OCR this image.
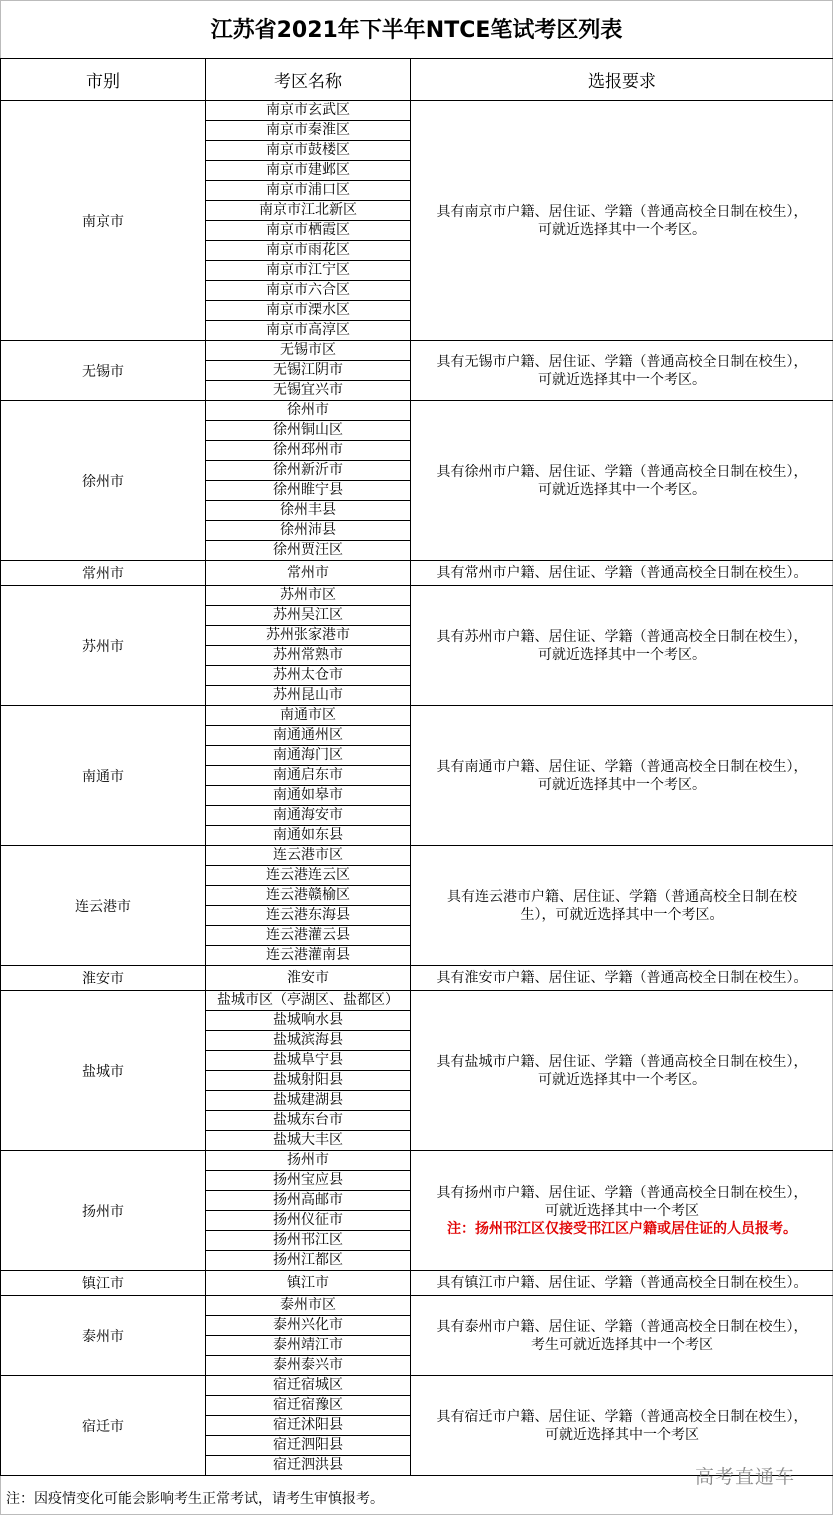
江苏省2021年下半年NTCE笔试考区列表
市别	考区名称	选报要求
南京市	南京市玄武区	具有南京市户籍、居住证、学籍（普通高校全日制在校生），
可就近选择其中一个考区。

	南京市秦淮区	
	南京市鼓楼区	
	南京市建邺区	
	南京市浦口区	
	南京市江北新区	
	南京市栖霞区	
	南京市雨花区	
	南京市江宁区	
	南京市六合区	
	南京市溧水区	
	南京市高淳区	
无锡市	无锡市区	具有无锡市户籍、居住证、学籍（普通高校全日制在校生），
可就近选择其中一个考区。

	无锡江阴市	
	无锡宜兴市	
徐州市	徐州市	具有徐州市户籍、居住证、学籍（普通高校全日制在校生），
可就近选择其中一个考区。

	徐州铜山区	
	徐州邳州市	
	徐州新沂市	
	徐州睢宁县	
	徐州丰县	
	徐州沛县	
	徐州贾汪区	
常州市	常州市	具有常州市户籍、居住证、学籍（普通高校全日制在校生）。

苏州市	苏州市区	具有苏州市户籍、居住证、学籍（普通高校全日制在校生），
可就近选择其中一个考区。

	苏州吴江区	
	苏州张家港市	
	苏州常熟市	
	苏州太仓市	
	苏州昆山市	
南通市	南通市区	具有南通市户籍、居住证、学籍（普通高校全日制在校生），
可就近选择其中一个考区。

	南通通州区	
	南通海门区	
	南通启东市	
	南通如皋市	
	南通海安市	
	南通如东县	
连云港市	连云港市区	具有连云港市户籍、居住证、学籍（普通高校全日制在校
生），可就近选择其中一个考区。

	连云港连云区	
	连云港赣榆区	
	连云港东海县	
	连云港灌云县	
	连云港灌南县	
淮安市	淮安市	具有淮安市户籍、居住证、学籍（普通高校全日制在校生）。

盐城市	盐城市区（亭湖区、盐都区）	具有盐城市户籍、居住证、学籍（普通高校全日制在校生），
可就近选择其中一个考区。

	盐城响水县	
	盐城滨海县	
	盐城阜宁县	
	盐城射阳县	
	盐城建湖县	
	盐城东台市	
	盐城大丰区	
扬州市	扬州市	具有扬州市户籍、居住证、学籍（普通高校全日制在校生），
可就近选择其中一个考区
注：扬州邗江区仅接受邗江区户籍或居住证的人员报考。

	扬州宝应县	
	扬州高邮市	
	扬州仪征市	
	扬州邗江区	
	扬州江都区	
镇江市	镇江市	具有镇江市户籍、居住证、学籍（普通高校全日制在校生）。

泰州市	泰州市区	具有泰州市户籍、居住证、学籍（普通高校全日制在校生），
考生可就近选择其中一个考区

	泰州兴化市	
	泰州靖江市	
	泰州泰兴市	
宿迁市	宿迁宿城区	具有宿迁市户籍、居住证、学籍（普通高校全日制在校生），
可就近选择其中一个考区

	宿迁宿豫区	
	宿迁沭阳县	
	宿迁泗阳县	
	宿迁泗洪县	
注：因疫情变化可能会影响考生正常考试，请考生审慎报考。
高考直通车
